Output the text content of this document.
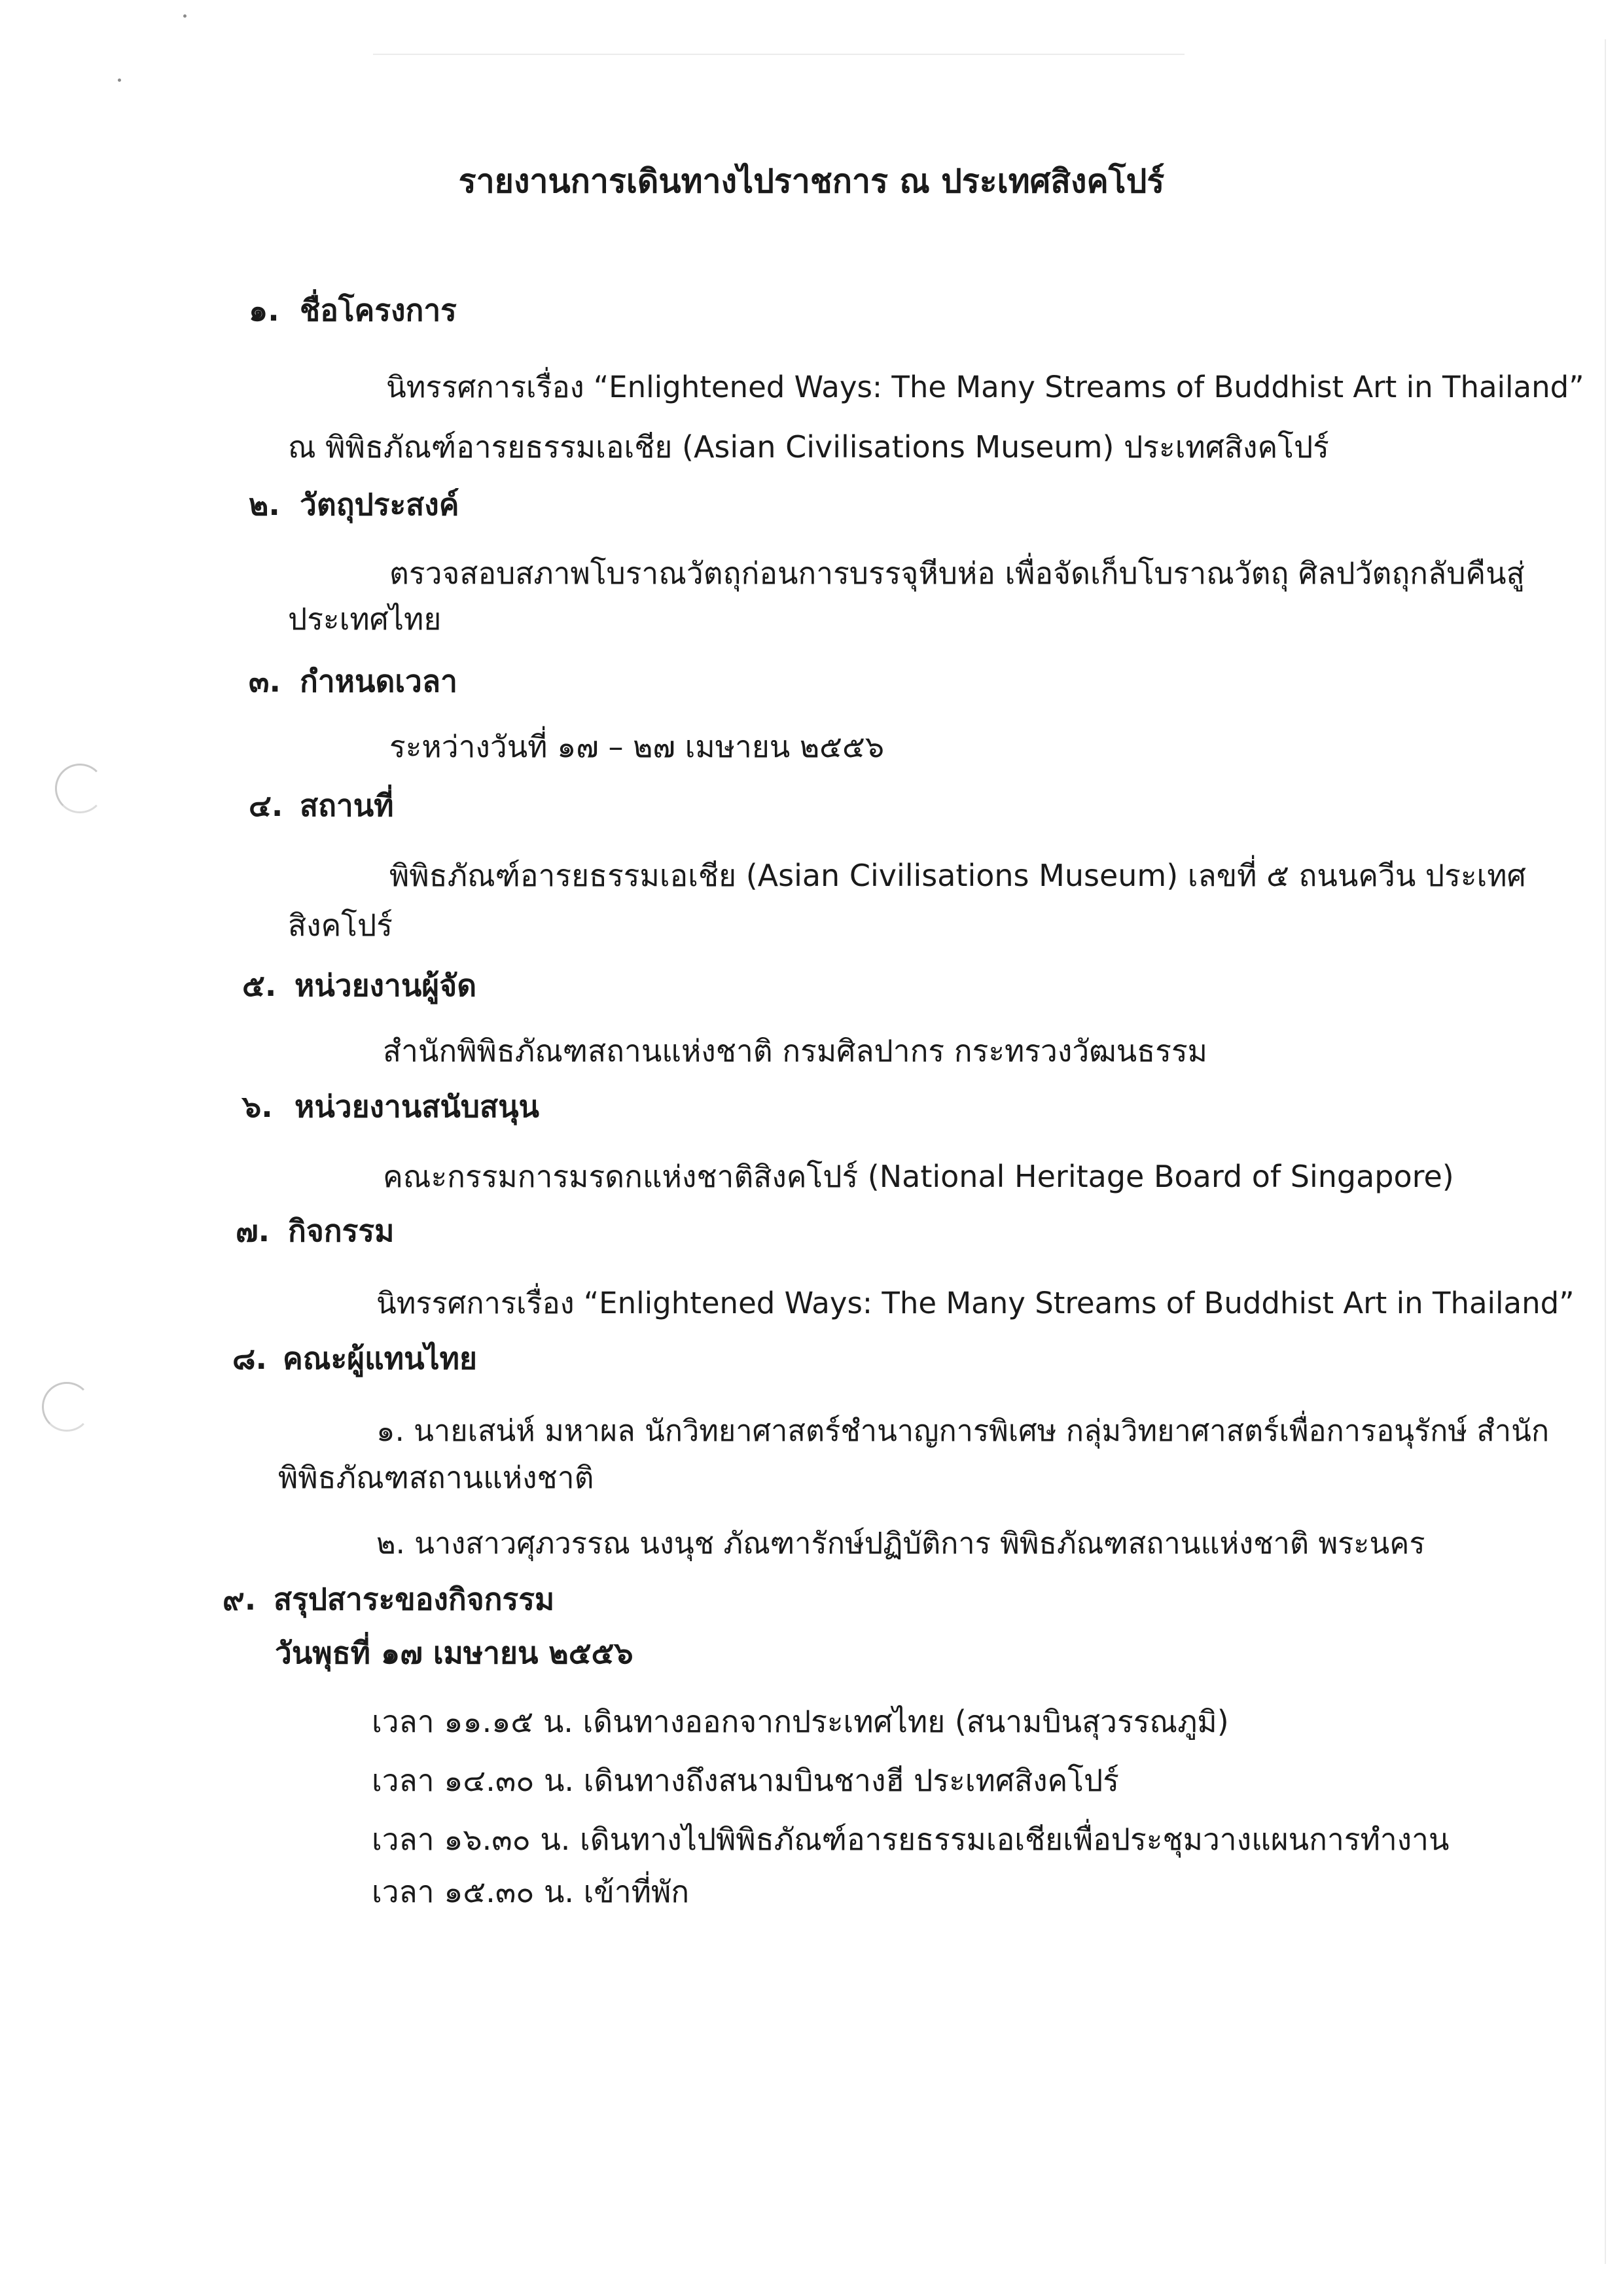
รายงานการเดินทางไปราชการ ณ ประเทศสิงคโปร์
๑. ชื่อโครงการ
นิทรรศการเรื่อง “Enlightened Ways: The Many Streams of Buddhist Art in Thailand”
ณ พิพิธภัณฑ์อารยธรรมเอเชีย (Asian Civilisations Museum) ประเทศสิงคโปร์
๒. วัตถุประสงค์
ตรวจสอบสภาพโบราณวัตถุก่อนการบรรจุหีบห่อ เพื่อจัดเก็บโบราณวัตถุ ศิลปวัตถุกลับคืนสู่
ประเทศไทย
๓. กำหนดเวลา
ระหว่างวันที่ ๑๗ – ๒๗ เมษายน ๒๕๕๖
๔. สถานที่
พิพิธภัณฑ์อารยธรรมเอเชีย (Asian Civilisations Museum) เลขที่ ๕ ถนนควีน ประเทศ
สิงคโปร์
๕. หน่วยงานผู้จัด
สำนักพิพิธภัณฑสถานแห่งชาติ กรมศิลปากร กระทรวงวัฒนธรรม
๖. หน่วยงานสนับสนุน
คณะกรรมการมรดกแห่งชาติสิงคโปร์ (National Heritage Board of Singapore)
๗. กิจกรรม
นิทรรศการเรื่อง “Enlightened Ways: The Many Streams of Buddhist Art in Thailand”
๘. คณะผู้แทนไทย
๑. นายเสน่ห์ มหาผล นักวิทยาศาสตร์ชำนาญการพิเศษ กลุ่มวิทยาศาสตร์เพื่อการอนุรักษ์ สำนัก
พิพิธภัณฑสถานแห่งชาติ
๒. นางสาวศุภวรรณ นงนุช ภัณฑารักษ์ปฏิบัติการ พิพิธภัณฑสถานแห่งชาติ พระนคร
๙. สรุปสาระของกิจกรรม
วันพุธที่ ๑๗ เมษายน ๒๕๕๖
เวลา ๑๑.๑๕ น. เดินทางออกจากประเทศไทย (สนามบินสุวรรณภูมิ)
เวลา ๑๔.๓๐ น. เดินทางถึงสนามบินชางฮี ประเทศสิงคโปร์
เวลา ๑๖.๓๐ น. เดินทางไปพิพิธภัณฑ์อารยธรรมเอเชียเพื่อประชุมวางแผนการทำงาน
เวลา ๑๕.๓๐ น. เข้าที่พัก
